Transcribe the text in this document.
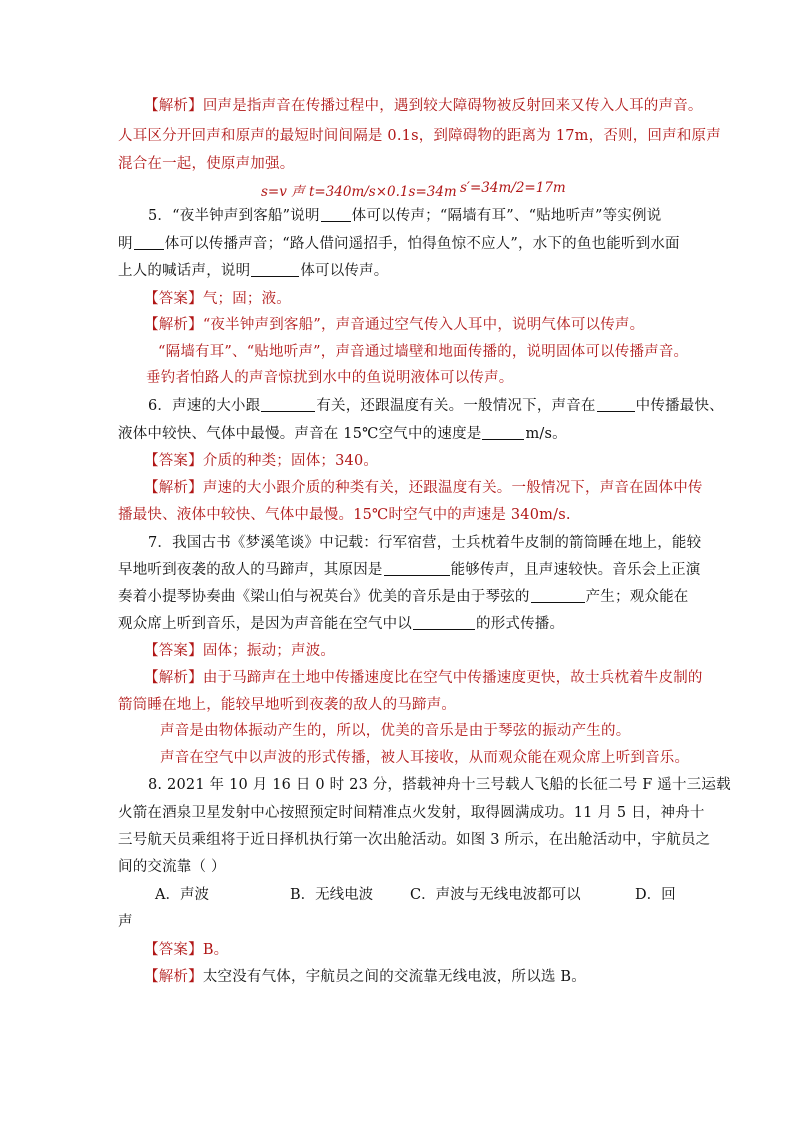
【解析】回声是指声音在传播过程中，遇到较大障碍物被反射回来又传入人耳的声音。
人耳区分开回声和原声的最短时间间隔是 0.1s，到障碍物的距离为 17m，否则，回声和原声
混合在一起，使原声加强。
s=v 声 t=340m/s×0.1s=34m s′=34m/2=17m
5．“夜半钟声到客船”说明 体可以传声；“隔墙有耳”、“贴地听声”等实例说
明 体可以传播声音；“路人借问遥招手，怕得鱼惊不应人”，水下的鱼也能听到水面
上人的喊话声，说明	体可以传声。
【答案】气；固；液。
【解析】“夜半钟声到客船”，声音通过空气传入人耳中，说明气体可以传声。
“隔墙有耳”、“贴地听声”，声音通过墙壁和地面传播的，说明固体可以传播声音。
垂钓者怕路人的声音惊扰到水中的鱼说明液体可以传声。
6．声速的大小跟	有关，还跟温度有关。一般情况下，声音在	中传播最快、
液体中较快、气体中最慢。声音在 15℃空气中的速度是	m/s。
【答案】介质的种类；固体；340。
【解析】声速的大小跟介质的种类有关，还跟温度有关。一般情况下，声音在固体中传
播最快、液体中较快、气体中最慢。15℃时空气中的声速是 340m/s.
7．我国古书《梦溪笔谈》中记载：行军宿营，士兵枕着牛皮制的箭筒睡在地上，能较
早地听到夜袭的敌人的马蹄声，其原因是	能够传声，且声速较快。音乐会上正演
奏着小提琴协奏曲《梁山伯与祝英台》优美的音乐是由于琴弦的	产生；观众能在
观众席上听到音乐，是因为声音能在空气中以	的形式传播。
【答案】固体；振动；声波。
【解析】由于马蹄声在土地中传播速度比在空气中传播速度更快，故士兵枕着牛皮制的
箭筒睡在地上，能较早地听到夜袭的敌人的马蹄声。
声音是由物体振动产生的，所以，优美的音乐是由于琴弦的振动产生的。
声音在空气中以声波的形式传播，被人耳接收，从而观众能在观众席上听到音乐。
8. 2021 年 10 月 16 日 0 时 23 分，搭载神舟十三号载人飞船的长征二号 F 遥十三运载
火箭在酒泉卫星发射中心按照预定时间精准点火发射，取得圆满成功。11 月 5 日，神舟十
三号航天员乘组将于近日择机执行第一次出舱活动。如图 3 所示，在出舱活动中，宇航员之
间的交流靠（ ）
A．声波	B．无线电波	C．声波与无线电波都可以	D．回
声
【答案】B。
【解析】太空没有气体，宇航员之间的交流靠无线电波，所以选 B。
